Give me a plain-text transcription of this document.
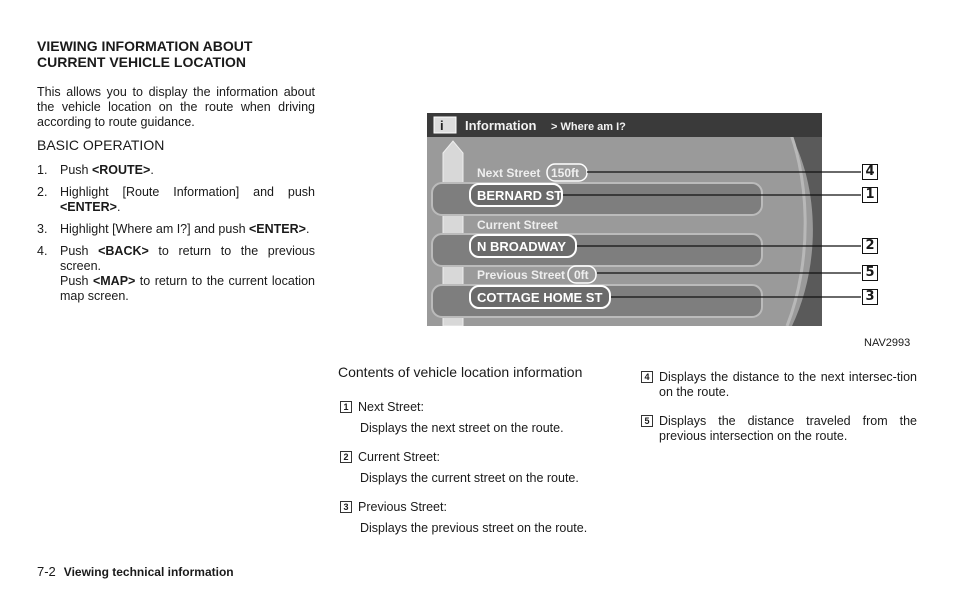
VIEWING INFORMATION ABOUT
CURRENT VEHICLE LOCATION
This allows you to display the information about the vehicle location on the route when driving according to route guidance.
BASIC OPERATION
1.	Push <ROUTE>.
2.	Highlight [Route Information] and push <ENTER>.
3.	Highlight [Where am I?] and push <ENTER>.
4.	Push <BACK> to return to the previous screen.
Push <MAP> to return to the current location map screen.
i Information > Where am I?
Next Street 150ft
BERNARD ST
Current Street
N BROADWAY
Previous Street 0ft
COTTAGE HOME ST
4
1
2
5
3
NAV2993
Contents of vehicle location information
1 Next Street:
Displays the next street on the route.
2 Current Street:
Displays the current street on the route.
3 Previous Street:
Displays the previous street on the route.
4 Displays the distance to the next intersec-tion on the route.
5 Displays the distance traveled from the previous intersection on the route.
7-2 Viewing technical information
